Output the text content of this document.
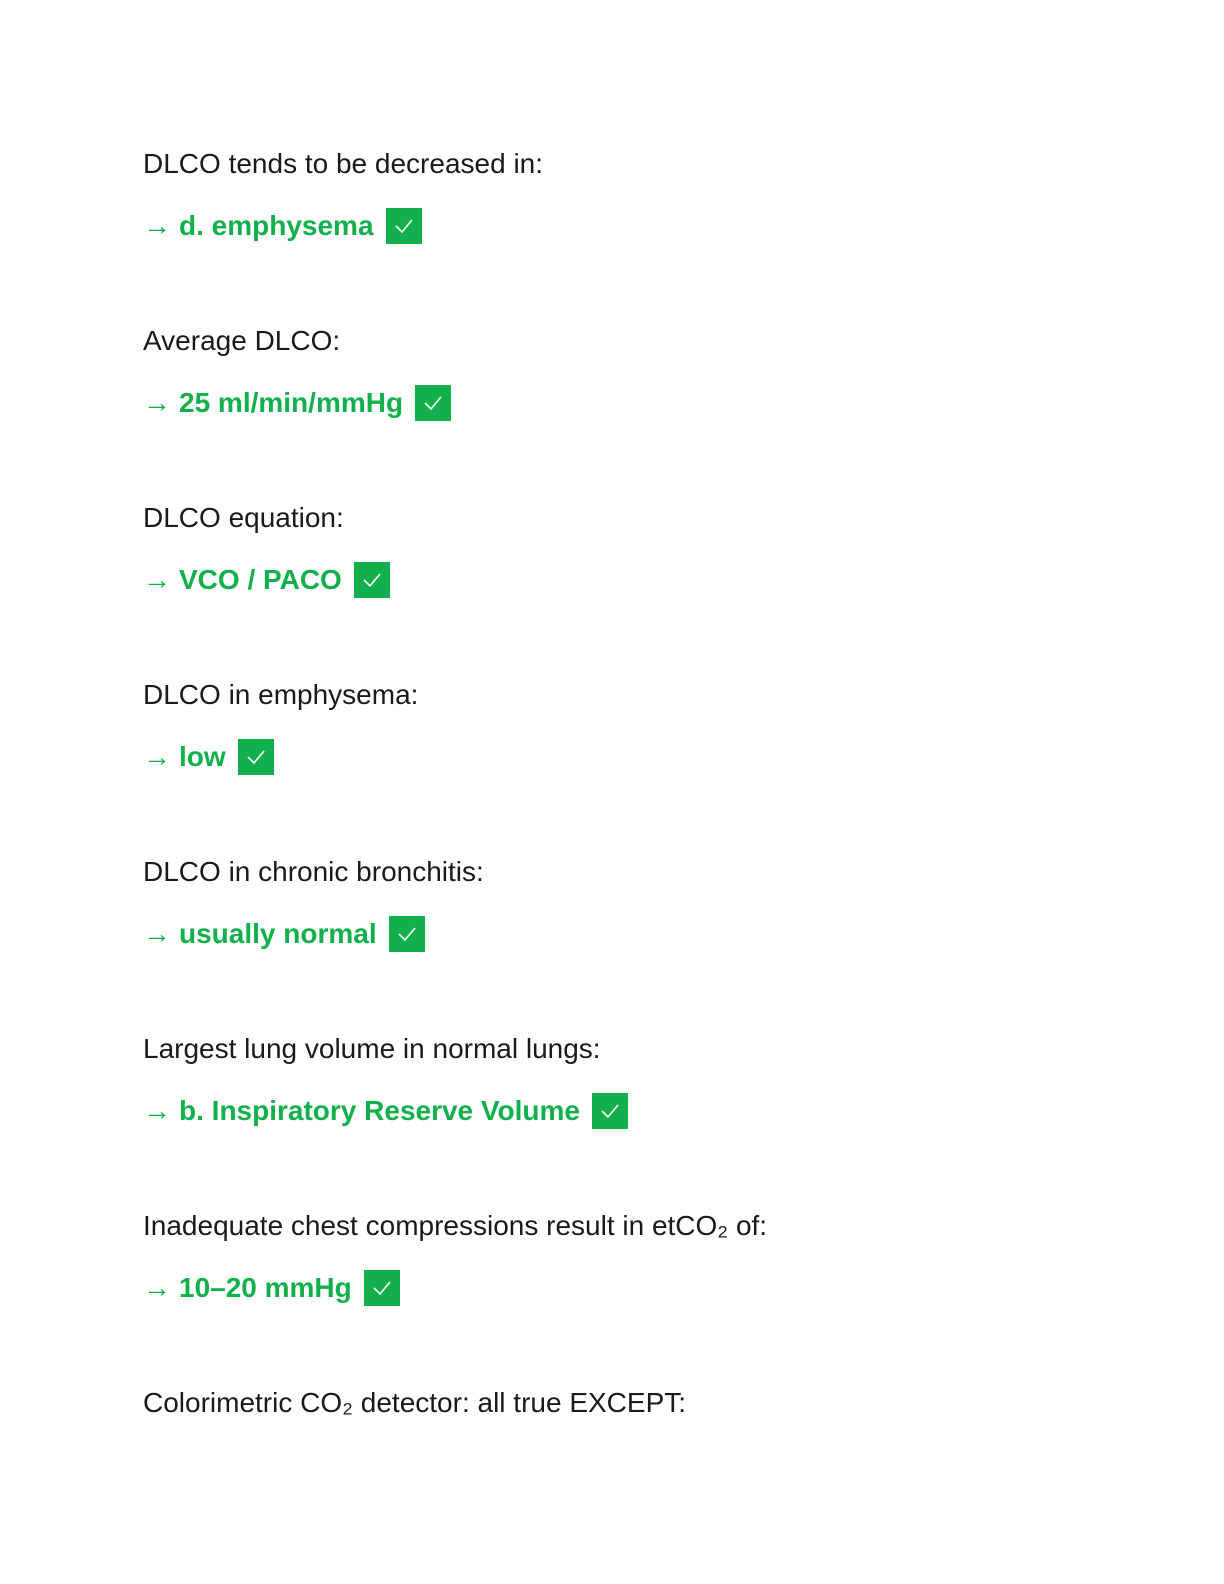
DLCO tends to be decreased in:
→ d. emphysema
Average DLCO:
→ 25 ml/min/mmHg
DLCO equation:
→ VCO / PACO
DLCO in emphysema:
→ low
DLCO in chronic bronchitis:
→ usually normal
Largest lung volume in normal lungs:
→ b. Inspiratory Reserve Volume
Inadequate chest compressions result in etCO₂ of:
→ 10–20 mmHg
Colorimetric CO₂ detector: all true EXCEPT:
